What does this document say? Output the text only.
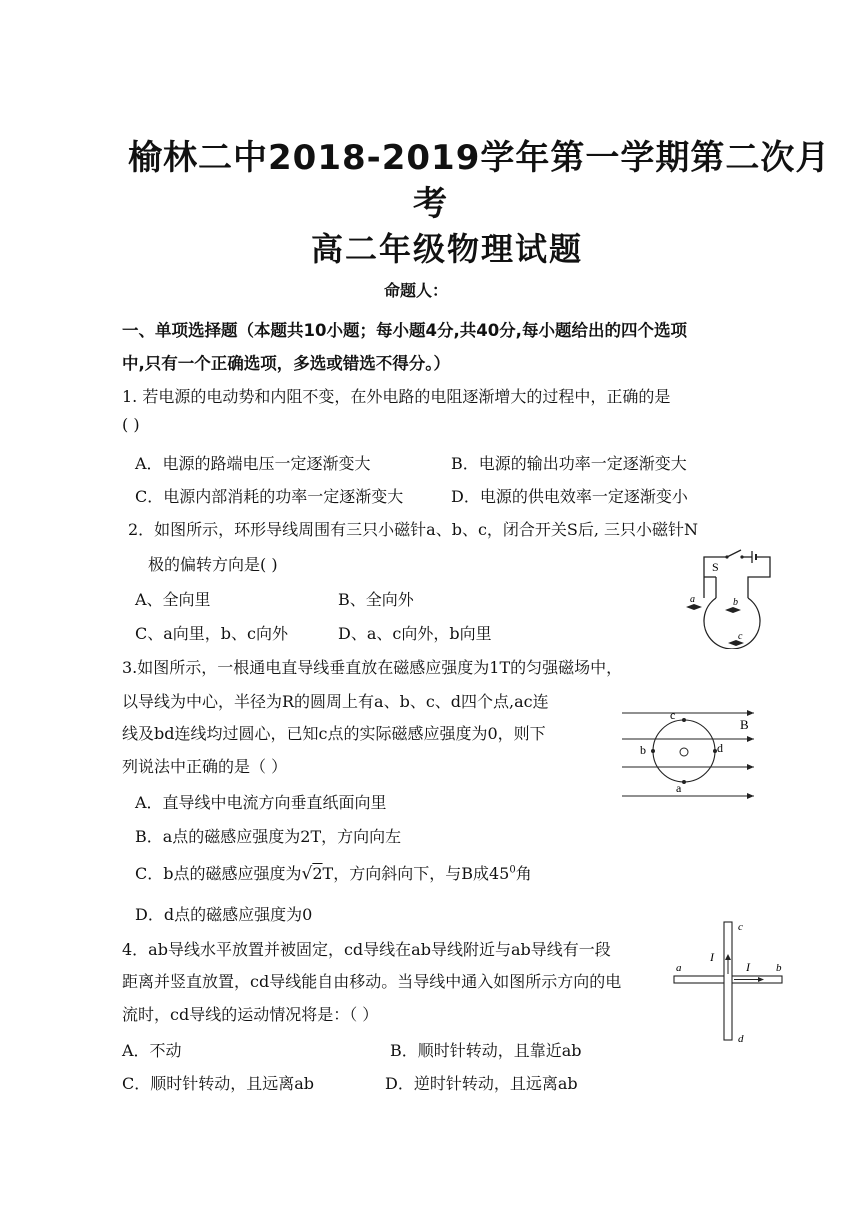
榆林二中2018-2019学年第一学期第二次月
考
高二年级物理试题
命题人：
一、单项选择题（本题共10小题；每小题4分,共40分,每小题给出的四个选项
中,只有一个正确选项，多选或错选不得分。）
1. 若电源的电动势和内阻不变，在外电路的电阻逐渐增大的过程中，正确的是
( )
A．电源的路端电压一定逐渐变大	B．电源的输出功率一定逐渐变大
C．电源内部消耗的功率一定逐渐变大	D．电源的供电效率一定逐渐变小
2．如图所示，环形导线周围有三只小磁针a、b、c，闭合开关S后, 三只小磁针N
极的偏转方向是( )
A、全向里	B、全向外
C、a向里，b、c向外	D、a、c向外，b向里
S
a	b
c
3.如图所示，一根通电直导线垂直放在磁感应强度为1T的匀强磁场中，
以导线为中心，半径为R的圆周上有a、b、c、d四个点,ac连
线及bd连线均过圆心，已知c点的实际磁感应强度为0，则下
列说法中正确的是（ ）
A．直导线中电流方向垂直纸面向里
B．a点的磁感应强度为2T，方向向左
C．b点的磁感应强度为√2T，方向斜向下，与B成$45^0$角
D．d点的磁感应强度为0
c
B
b	d
a
4．ab导线水平放置并被固定，cd导线在ab导线附近与ab导线有一段
距离并竖直放置，cd导线能自由移动。当导线中通入如图所示方向的电
流时，cd导线的运动情况将是：（ ）
A．不动	B．顺时针转动，且靠近ab
C．顺时针转动，且远离ab	D．逆时针转动，且远离ab
c
d
a	b
I
I
